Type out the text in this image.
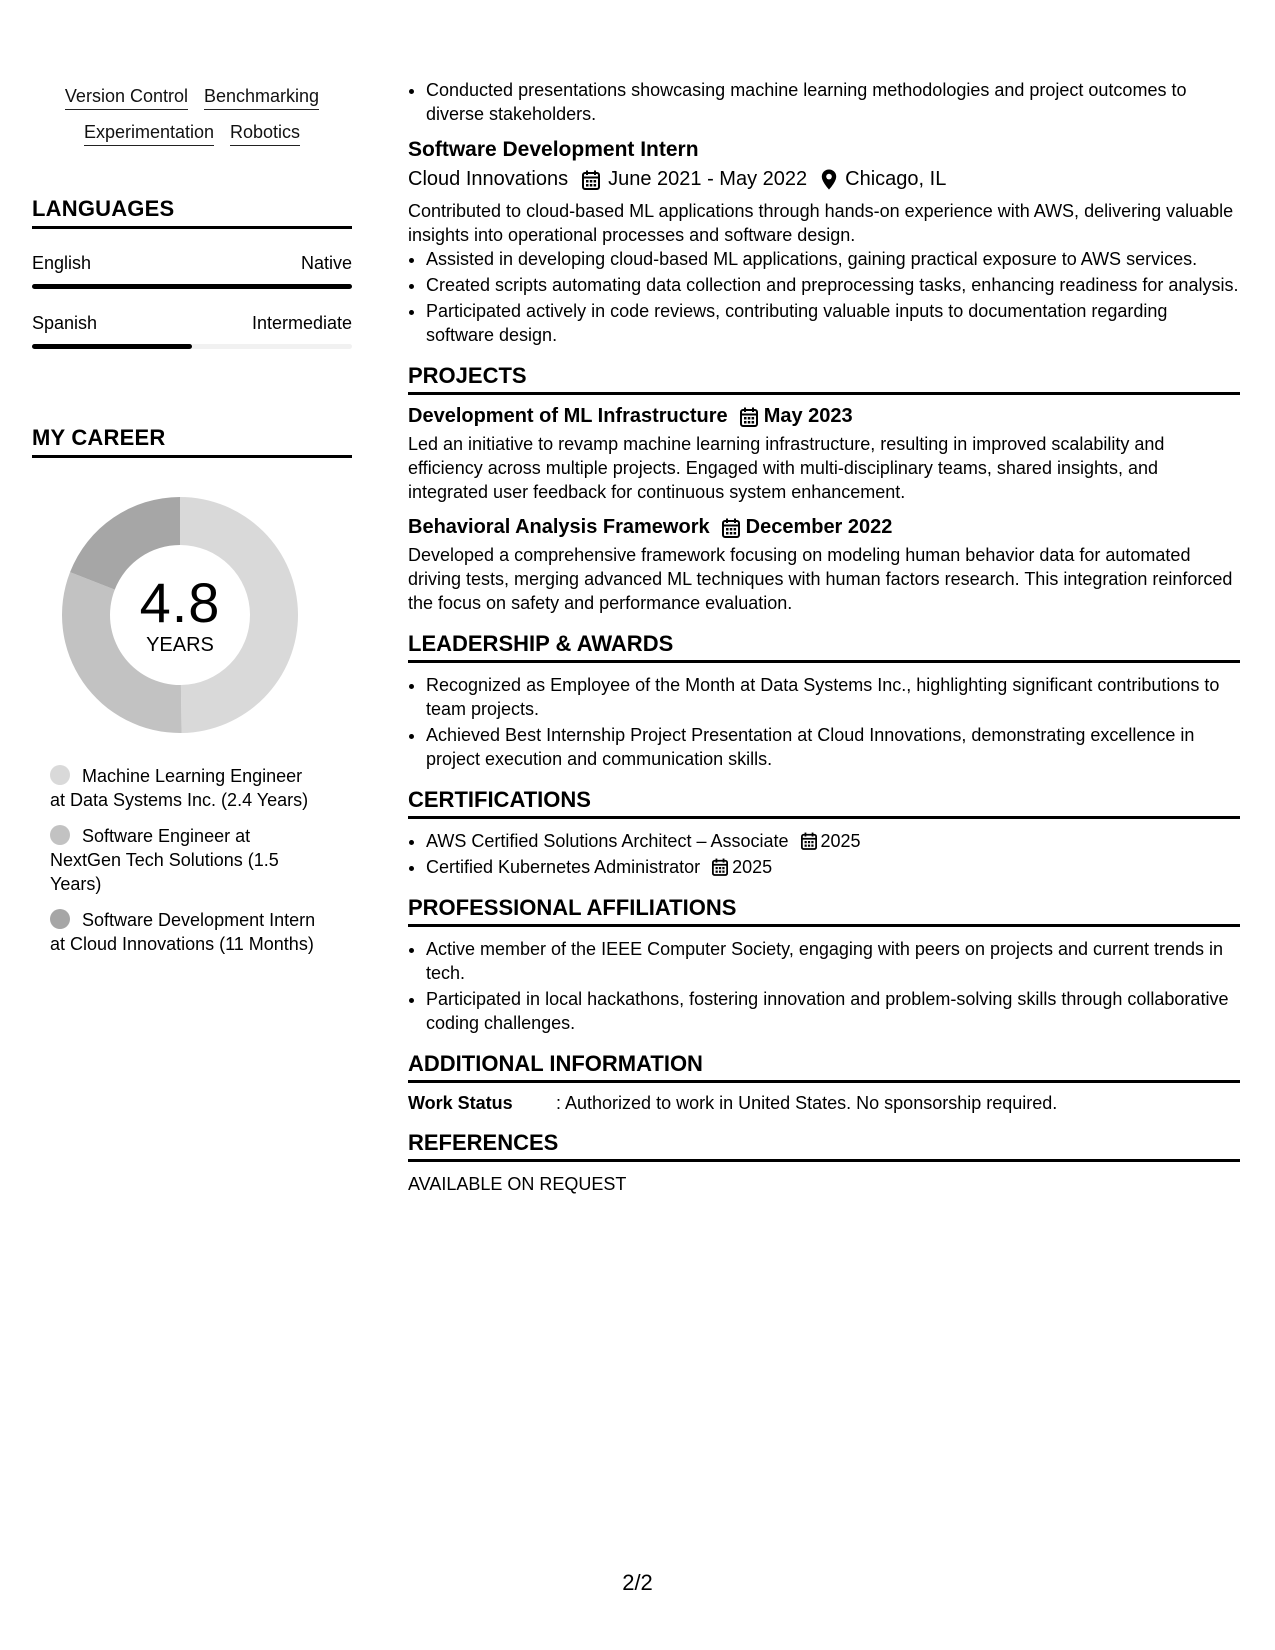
Version Control Benchmarking
Experimentation Robotics
LANGUAGES
English	Native
Spanish	Intermediate
MY CAREER
4.8
YEARS
Machine Learning Engineer at Data Systems Inc. (2.4 Years)
Software Engineer at NextGen Tech Solutions (1.5 Years)
Software Development Intern at Cloud Innovations (11 Months)
• Conducted presentations showcasing machine learning methodologies and project outcomes to diverse stakeholders.
Software Development Intern
Cloud Innovations June 2021 - May 2022 Chicago, IL
Contributed to cloud-based ML applications through hands-on experience with AWS, delivering valuable insights into operational processes and software design.
• Assisted in developing cloud-based ML applications, gaining practical exposure to AWS services.
• Created scripts automating data collection and preprocessing tasks, enhancing readiness for analysis.
• Participated actively in code reviews, contributing valuable inputs to documentation regarding software design.
PROJECTS
Development of ML Infrastructure May 2023
Led an initiative to revamp machine learning infrastructure, resulting in improved scalability and efficiency across multiple projects. Engaged with multi-disciplinary teams, shared insights, and integrated user feedback for continuous system enhancement.
Behavioral Analysis Framework December 2022
Developed a comprehensive framework focusing on modeling human behavior data for automated driving tests, merging advanced ML techniques with human factors research. This integration reinforced the focus on safety and performance evaluation.
LEADERSHIP & AWARDS
• Recognized as Employee of the Month at Data Systems Inc., highlighting significant contributions to team projects.
• Achieved Best Internship Project Presentation at Cloud Innovations, demonstrating excellence in project execution and communication skills.
CERTIFICATIONS
• AWS Certified Solutions Architect – Associate 2025
• Certified Kubernetes Administrator 2025
PROFESSIONAL AFFILIATIONS
• Active member of the IEEE Computer Society, engaging with peers on projects and current trends in tech.
• Participated in local hackathons, fostering innovation and problem-solving skills through collaborative coding challenges.
ADDITIONAL INFORMATION
Work Status	: Authorized to work in United States. No sponsorship required.
REFERENCES
AVAILABLE ON REQUEST
2/2
